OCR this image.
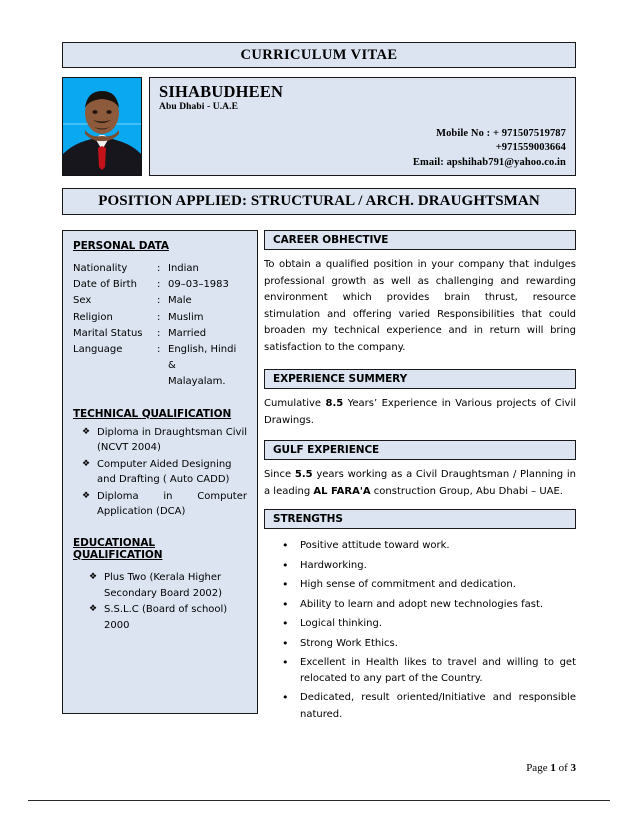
CURRICULUM VITAE
SIHABUDHEEN
Abu Dhabi - U.A.E
Mobile No : + 971507519787
+971559003664
Email: apshihab791@yahoo.co.in
POSITION APPLIED: STRUCTURAL / ARCH. DRAUGHTSMAN
PERSONAL DATA
Nationality	: Indian
Date of Birth	: 09–03–1983
Sex	: Male
Religion	: Muslim
Marital Status	: Married
Language	: English, Hindi &
Malayalam.
TECHNICAL QUALIFICATION
❖ Diploma in Draughtsman Civil (NCVT 2004)
❖ Computer Aided Designing and Drafting ( Auto CADD)
❖ Diploma in Computer Application (DCA)
EDUCATIONAL QUALIFICATION
❖ Plus Two (Kerala Higher Secondary Board 2002)
❖ S.S.L.C (Board of school) 2000
CAREER OBHECTIVE

To obtain a qualified position in your company that indulges professional growth as well as challenging and rewarding environment which provides brain thrust, resource stimulation and offering varied Responsibilities that could broaden my technical experience and in return will bring satisfaction to the company.

EXPERIENCE SUMMERY

Cumulative 8.5 Years’ Experience in Various projects of Civil Drawings.

GULF EXPERIENCE

Since 5.5 years working as a Civil Draughtsman / Planning in a leading AL FARA'A construction Group, Abu Dhabi – UAE.

STRENGTHS
•	Positive attitude toward work.
•	Hardworking.
•	High sense of commitment and dedication.
•	Ability to learn and adopt new technologies fast.
•	Logical thinking.
•	Strong Work Ethics.
•	Excellent in Health likes to travel and willing to get relocated to any part of the Country.
•	Dedicated, result oriented/Initiative and responsible natured.
Page 1 of 3
